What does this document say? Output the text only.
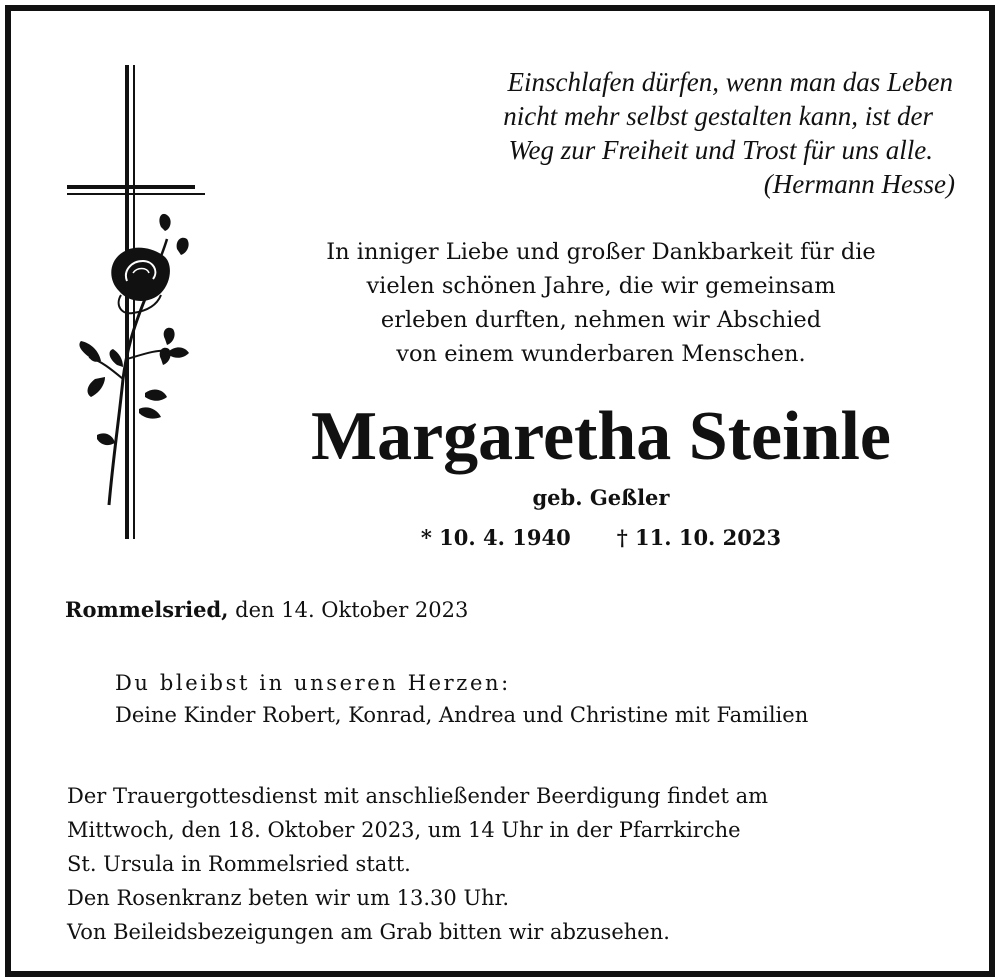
Einschlafen dürfen, wenn man das Leben
nicht mehr selbst gestalten kann, ist der
Weg zur Freiheit und Trost für uns alle.
(Hermann Hesse)
In inniger Liebe und großer Dankbarkeit für die
vielen schönen Jahre, die wir gemeinsam
erleben durften, nehmen wir Abschied
von einem wunderbaren Menschen.
Margaretha Steinle
geb. Geßler
* 10. 4. 1940 † 11. 10. 2023
Rommelsried, den 14. Oktober 2023
Du bleibst in unseren Herzen:
Deine Kinder Robert, Konrad, Andrea und Christine mit Familien
Der Trauergottesdienst mit anschließender Beerdigung findet am
Mittwoch, den 18. Oktober 2023, um 14 Uhr in der Pfarrkirche
St. Ursula in Rommelsried statt.
Den Rosenkranz beten wir um 13.30 Uhr.
Von Beileidsbezeigungen am Grab bitten wir abzusehen.
